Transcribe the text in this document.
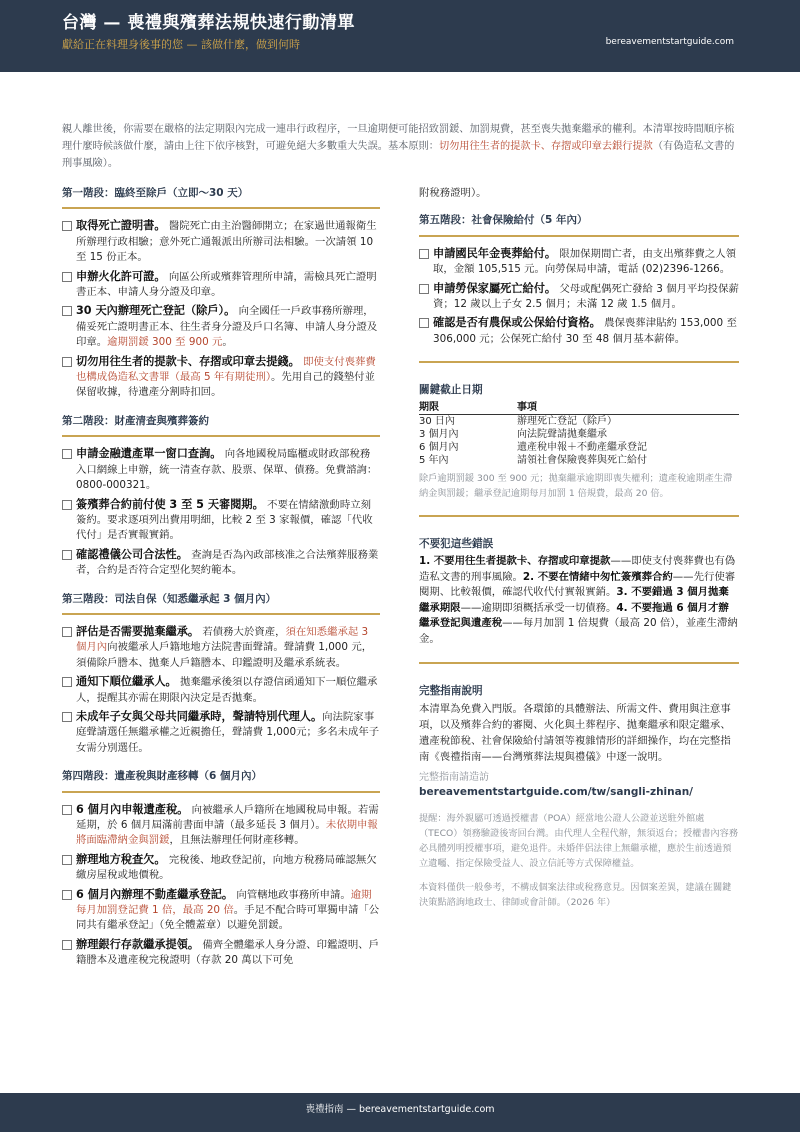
台灣 — 喪禮與殯葬法規快速行動清單
獻給正在料理身後事的您 — 該做什麼，做到何時	bereavementstartguide.com
親人離世後，你需要在嚴格的法定期限內完成一連串行政程序，一旦逾期便可能招致罰鍰、加罰規費，甚至喪失拋棄繼承的權利。本清單按時間順序梳理什麼時候該做什麼，請由上往下依序核對，可避免絕大多數重大失誤。基本原則：切勿用往生者的提款卡、存摺或印章去銀行提款（有偽造私文書的刑事風險）。
第一階段：臨終至除戶（立即～30 天）
取得死亡證明書。 醫院死亡由主治醫師開立；在家過世通報衛生所辦理行政相驗；意外死亡通報派出所辦司法相驗。一次請領 10 至 15 份正本。
申辦火化許可證。 向區公所或殯葬管理所申請，需檢具死亡證明書正本、申請人身分證及印章。
30 天內辦理死亡登記（除戶）。 向全國任一戶政事務所辦理，備妥死亡證明書正本、往生者身分證及戶口名簿、申請人身分證及印章。逾期罰鍰 300 至 900 元。
切勿用往生者的提款卡、存摺或印章去提錢。 即使支付喪葬費也構成偽造私文書罪（最高 5 年有期徒刑）。先用自己的錢墊付並保留收據，待遺產分割時扣回。
第二階段：財產清查與殯葬簽約
申請金融遺產單一窗口查詢。 向各地國稅局臨櫃或財政部稅務入口網線上申辦，統一清查存款、股票、保單、債務。免費諮詢：0800-000321。
簽殯葬合約前付使 3 至 5 天審閱期。 不要在情緒激動時立刻簽約。要求逐項列出費用明細，比較 2 至 3 家報價，確認「代收代付」是否實報實銷。
確認禮儀公司合法性。 查詢是否為內政部核准之合法殯葬服務業者，合約是否符合定型化契約範本。
第三階段：司法自保（知悉繼承起 3 個月內）
評估是否需要拋棄繼承。 若債務大於資產，須在知悉繼承起 3 個月內向被繼承人戶籍地地方法院書面聲請。聲請費 1,000 元，須備除戶謄本、拋棄人戶籍謄本、印鑑證明及繼承系統表。
通知下順位繼承人。 拋棄繼承後須以存證信函通知下一順位繼承人，提醒其亦需在期限內決定是否拋棄。
未成年子女與父母共同繼承時，聲請特別代理人。向法院家事庭聲請選任無繼承權之近親擔任，聲請費 1,000元；多名未成年子女需分別選任。
第四階段：遺產稅與財產移轉（6 個月內）
6 個月內申報遺產稅。 向被繼承人戶籍所在地國稅局申報。若需延期，於 6 個月屆滿前書面申請（最多延長 3 個月）。未依期申報將面臨滯納金與罰鍰，且無法辦理任何財產移轉。
辦理地方稅查欠。 完稅後、地政登記前，向地方稅務局確認無欠繳房屋稅或地價稅。
6 個月內辦理不動產繼承登記。 向管轄地政事務所申請。逾期每月加罰登記費 1 倍，最高 20 倍。手足不配合時可單獨申請「公同共有繼承登記」（免全體蓋章）以避免罰鍰。
辦理銀行存款繼承提領。 備齊全體繼承人身分證、印鑑證明、戶籍謄本及遺產稅完稅證明（存款 20 萬以下可免
附稅務證明）。
第五階段：社會保險給付（5 年內）
申請國民年金喪葬給付。 限加保期間亡者，由支出殯葬費之人領取，金額 105,515 元。向勞保局申請，電話 (02)2396-1266。
申請勞保家屬死亡給付。 父母或配偶死亡發給 3 個月平均投保薪資；12 歲以上子女 2.5 個月；未滿 12 歲 1.5 個月。
確認是否有農保或公保給付資格。 農保喪葬津貼約 153,000 至 306,000 元；公保死亡給付 30 至 48 個月基本薪俸。
關鍵截止日期
期限	事項
30 日內	辦理死亡登記（除戶）
3 個月內	向法院聲請拋棄繼承
6 個月內	遺產稅申報＋不動產繼承登記
5 年內	請領社會保險喪葬與死亡給付
除戶逾期罰鍰 300 至 900 元；拋棄繼承逾期即喪失權利；遺產稅逾期產生滯納金與罰鍰；繼承登記逾期每月加罰 1 倍規費，最高 20 倍。
不要犯這些錯誤
1. 不要用往生者提款卡、存摺或印章提款——即使支付喪葬費也有偽造私文書的刑事風險。2. 不要在情緒中匆忙簽殯葬合約——先行使審閱期、比較報價，確認代收代付實報實銷。3. 不要錯過 3 個月拋棄繼承期限——逾期即須概括承受一切債務。4. 不要拖過 6 個月才辦繼承登記與遺產稅——每月加罰 1 倍規費（最高 20 倍），並產生滯納金。
完整指南說明
本清單為免費入門版。各環節的具體辦法、所需文件、費用與注意事項，以及殯葬合約的審閱、火化與土葬程序、拋棄繼承和限定繼承、遺產稅節稅、社會保險給付請領等複雜情形的詳細操作，均在完整指南《喪禮指南——台灣殯葬法規與禮儀》中逐一說明。
完整指南請造訪
bereavementstartguide.com/tw/sangli-zhinan/
提醒：海外親屬可透過授權書（POA）經當地公證人公證並送駐外館處（TECO）領務驗證後寄回台灣。由代理人全程代辦，無須返台；授權書內容務必具體列明授權事項，避免退件。未婚伴侶法律上無繼承權，應於生前透過預立遺囑、指定保險受益人、設立信託等方式保障權益。
本資料僅供一般參考，不構成個案法律或稅務意見。因個案差異，建議在關鍵決策點諮詢地政士、律師或會計師。（2026 年）
喪禮指南 — bereavementstartguide.com
